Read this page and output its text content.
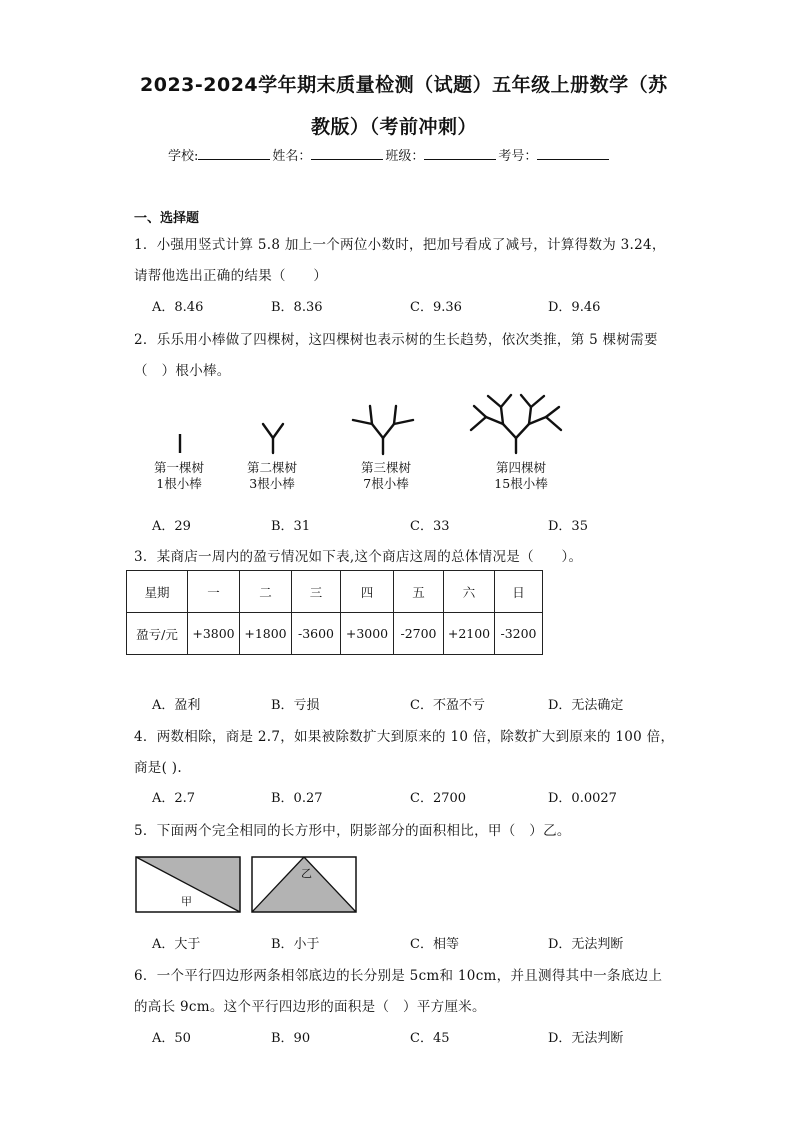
2023-2024学年期末质量检测（试题）五年级上册数学（苏
教版）（考前冲刺）
学校:	姓名：	班级：	考号：
一、选择题
1．小强用竖式计算 5.8 加上一个两位小数时，把加号看成了减号，计算得数为 3.24，
请帮他选出正确的结果（　　）
A．8.46	B．8.36	C．9.36	D．9.46
2．乐乐用小棒做了四棵树，这四棵树也表示树的生长趋势，依次类推，第 5 棵树需要
（　）根小棒。
第一棵树
1根小棒
第二棵树
3根小棒
第三棵树
7根小棒
第四棵树
15根小棒
A．29	B．31	C．33	D．35
3．某商店一周内的盈亏情况如下表,这个商店这周的总体情况是（　　）。
星期	一	二	三	四	五	六	日
盈亏/元	+3800	+1800	-3600	+3000	-2700	+2100	-3200
A．盈利	B．亏损	C．不盈不亏	D．无法确定
4．两数相除，商是 2.7，如果被除数扩大到原来的 10 倍，除数扩大到原来的 100 倍，
商是( ).
A．2.7	B．0.27	C．2700	D．0.0027
5．下面两个完全相同的长方形中，阴影部分的面积相比，甲（　）乙。
甲
乙
A．大于	B．小于	C．相等	D．无法判断
6．一个平行四边形两条相邻底边的长分别是 5cm和 10cm，并且测得其中一条底边上
的高长 9cm。这个平行四边形的面积是（　）平方厘米。
A．50	B．90	C．45	D．无法判断
